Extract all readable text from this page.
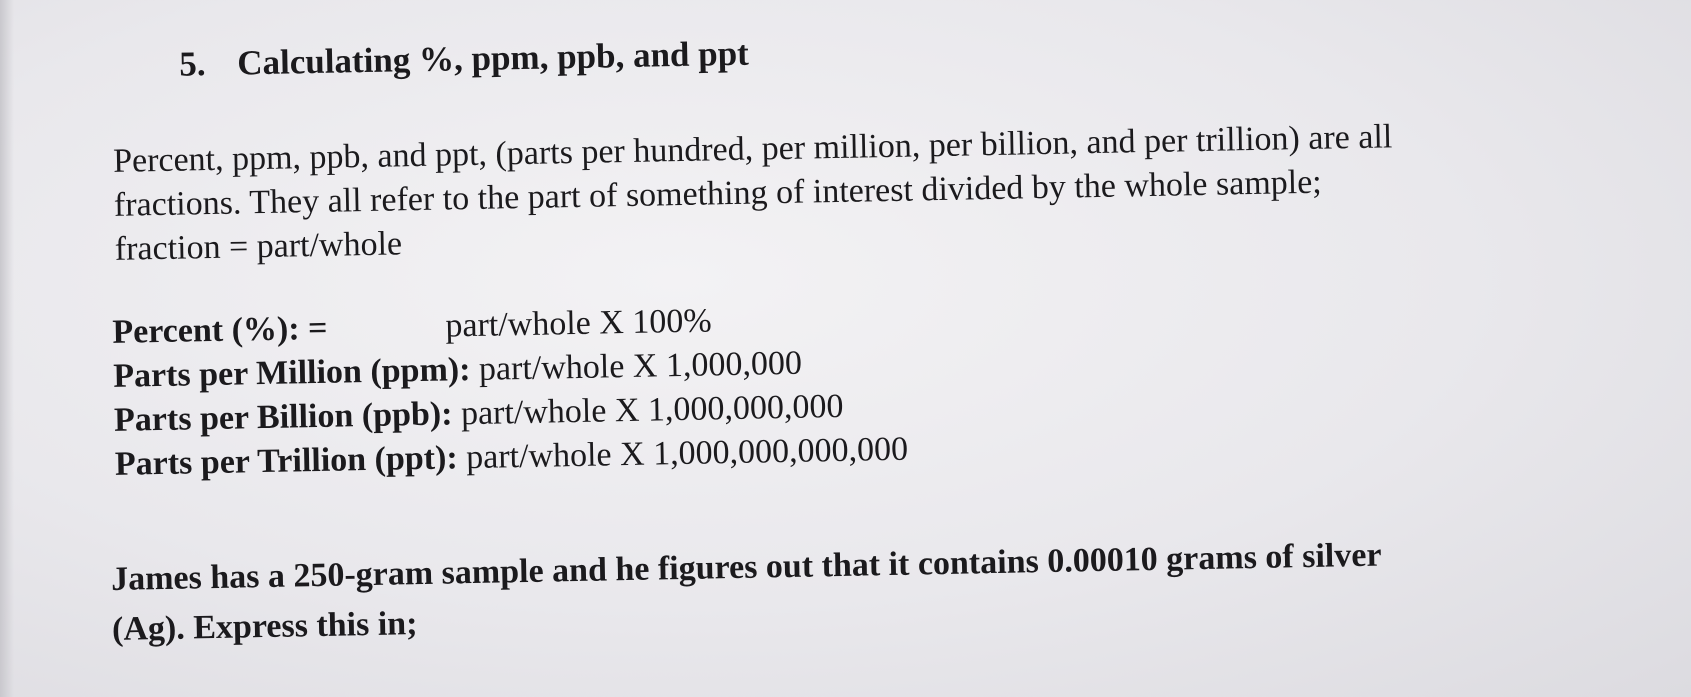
5. Calculating %, ppm, ppb, and ppt
Percent, ppm, ppb, and ppt, (parts per hundred, per million, per billion, and per trillion) are all
fractions. They all refer to the part of something of interest divided by the whole sample;
fraction = part/whole
Percent (%): =	part/whole X 100%
Parts per Million (ppm): part/whole X 1,000,000
Parts per Billion (ppb): part/whole X 1,000,000,000
Parts per Trillion (ppt): part/whole X 1,000,000,000,000
James has a 250-gram sample and he figures out that it contains 0.00010 grams of silver
(Ag). Express this in;
